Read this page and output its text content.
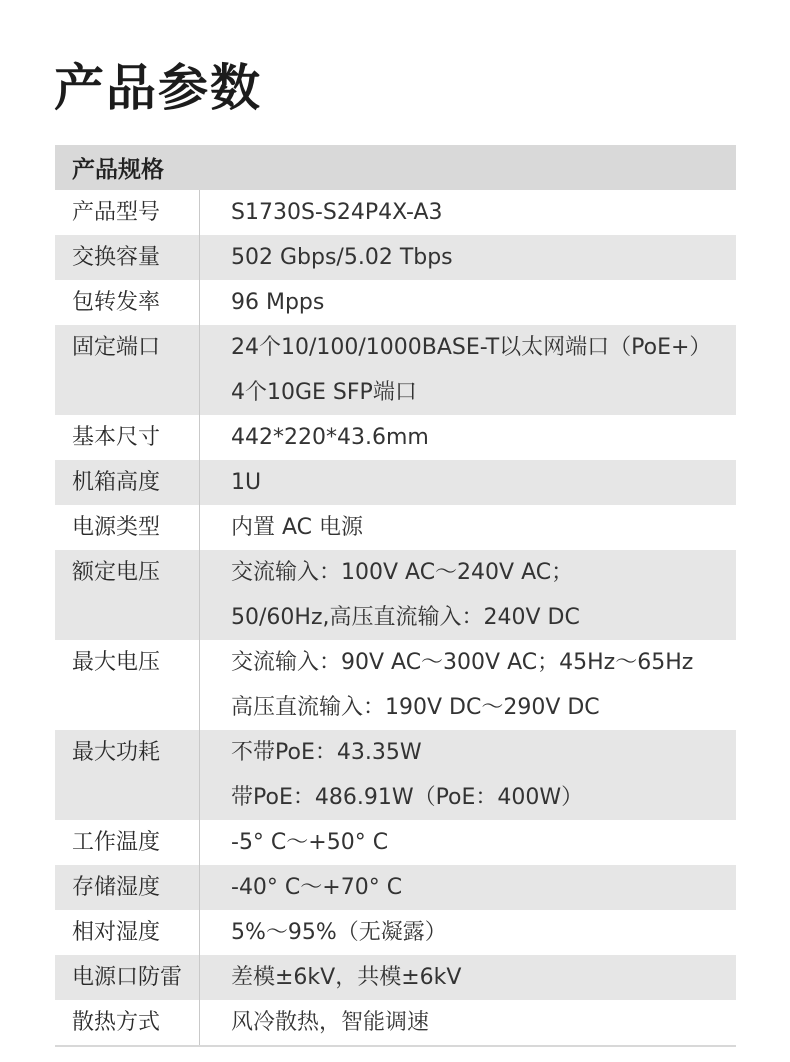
产品参数
产品规格
产品型号	S1730S-S24P4X-A3
交换容量	502 Gbps/5.02 Tbps
包转发率	96 Mpps
固定端口	24个10/100/1000BASE-T以太网端口（PoE+）
4个10GE SFP端口
基本尺寸	442*220*43.6mm
机箱高度	1U
电源类型	内置 AC 电源
额定电压	交流输入：100V AC～240V AC；
50/60Hz,高压直流输入：240V DC
最大电压	交流输入：90V AC～300V AC；45Hz～65Hz
高压直流输入：190V DC～290V DC
最大功耗	不带PoE：43.35W
带PoE：486.91W（PoE：400W）
工作温度	-5° C～+50° C
存储湿度	-40° C～+70° C
相对湿度	5%～95%（无凝露）
电源口防雷	差模±6kV，共模±6kV
散热方式	风冷散热，智能调速
